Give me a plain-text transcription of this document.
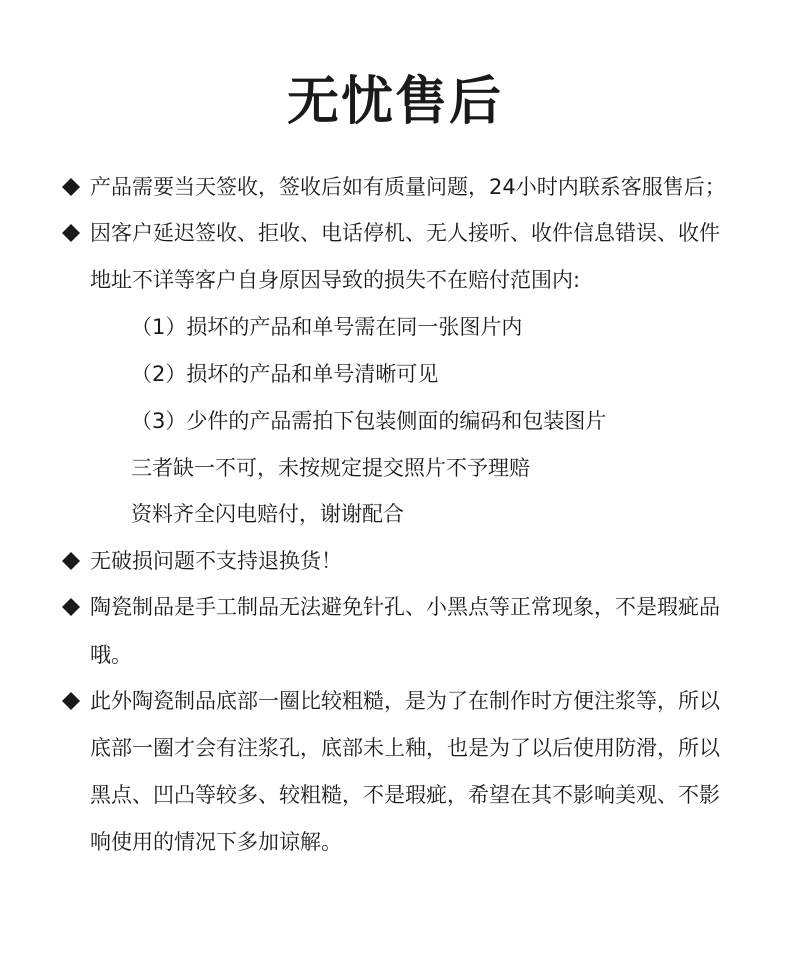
无忧售后
产品需要当天签收，签收后如有质量问题，24小时内联系客服售后；
因客户延迟签收、拒收、电话停机、无人接听、收件信息错误、收件
地址不详等客户自身原因导致的损失不在赔付范围内:
（1）损坏的产品和单号需在同一张图片内
（2）损坏的产品和单号清晰可见
（3）少件的产品需拍下包装侧面的编码和包装图片
三者缺一不可，未按规定提交照片不予理赔
资料齐全闪电赔付，谢谢配合
无破损问题不支持退换货！
陶瓷制品是手工制品无法避免针孔、小黑点等正常现象，不是瑕疵品
哦。
此外陶瓷制品底部一圈比较粗糙，是为了在制作时方便注浆等，所以
底部一圈才会有注浆孔，底部未上釉，也是为了以后使用防滑，所以
黑点、凹凸等较多、较粗糙，不是瑕疵，希望在其不影响美观、不影
响使用的情况下多加谅解。
